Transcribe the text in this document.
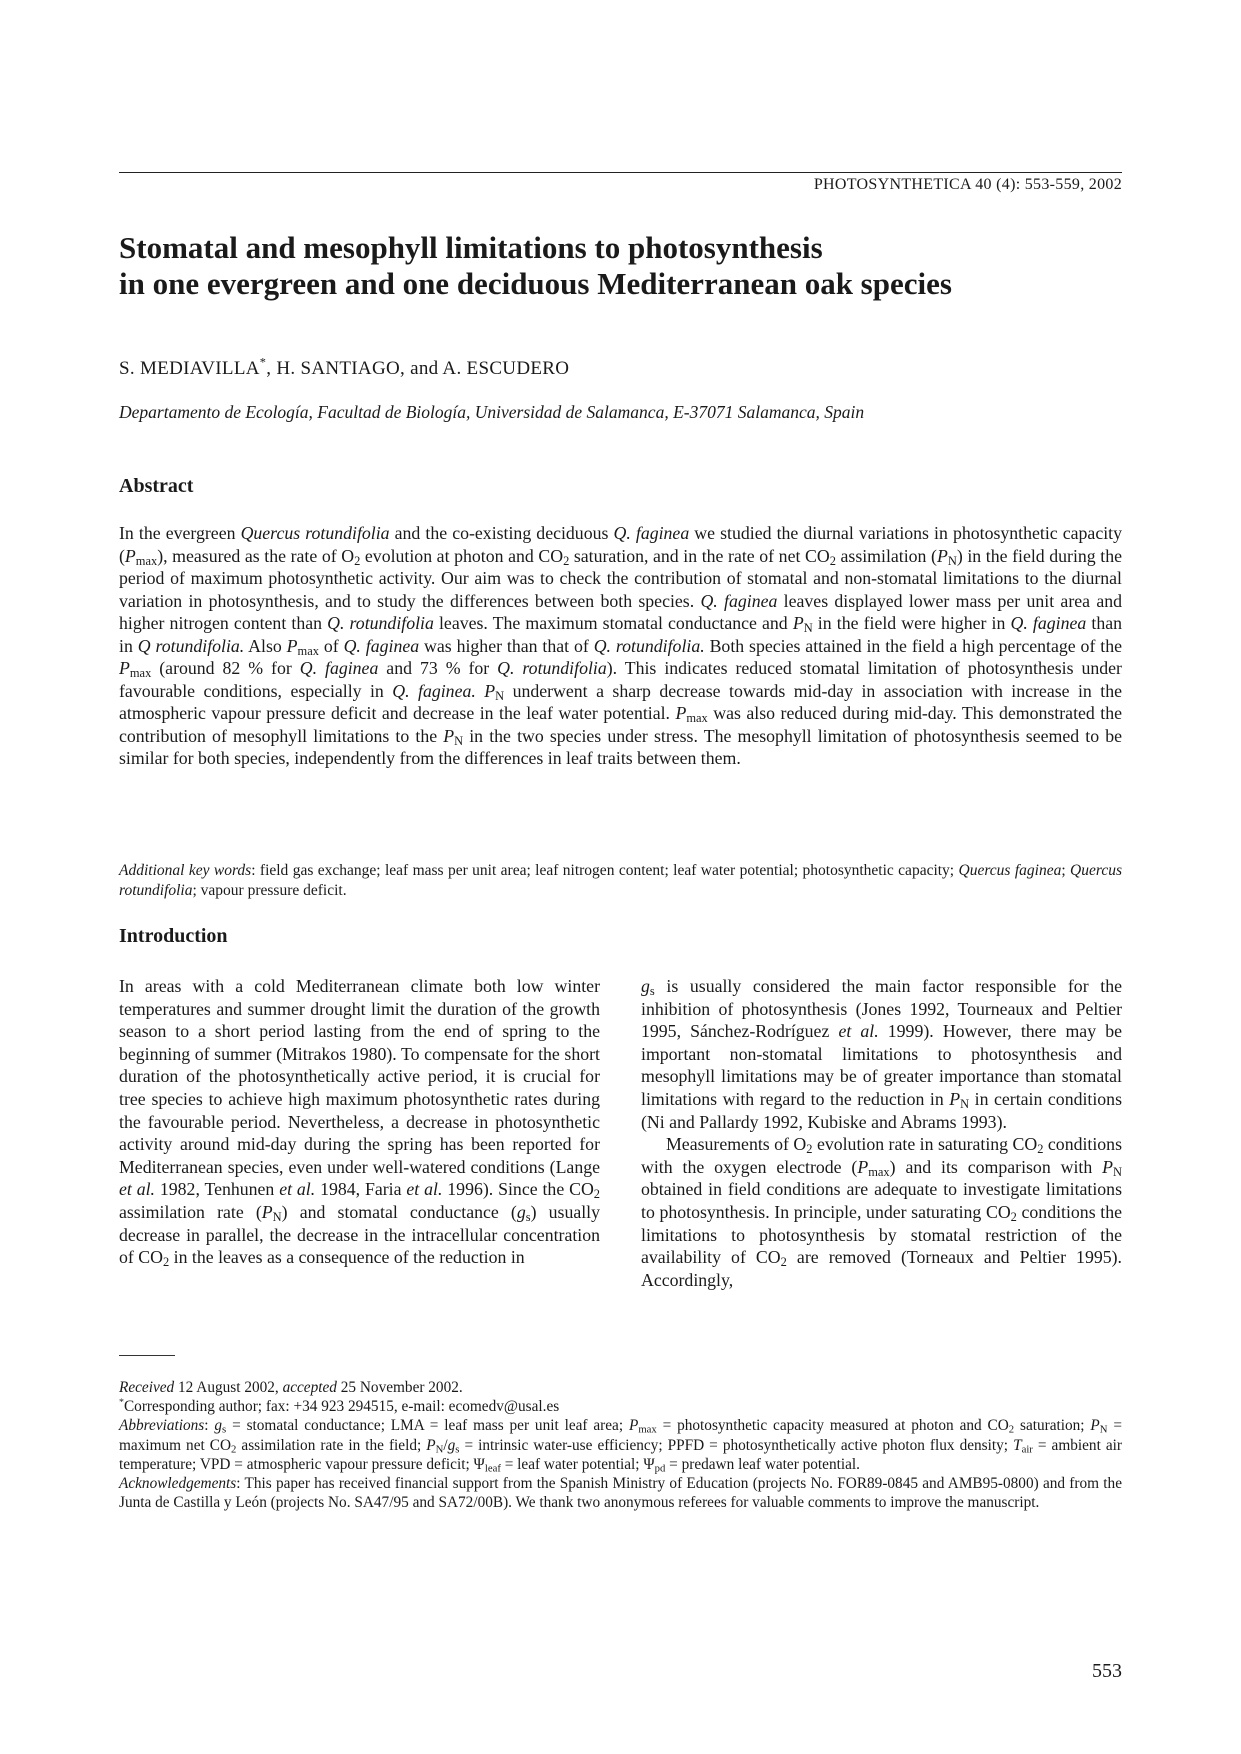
PHOTOSYNTHETICA 40 (4): 553-559, 2002
Stomatal and mesophyll limitations to photosynthesis
in one evergreen and one deciduous Mediterranean oak species
S. MEDIAVILLA*, H. SANTIAGO, and A. ESCUDERO
Departamento de Ecología, Facultad de Biología, Universidad de Salamanca, E-37071 Salamanca, Spain
Abstract

In the evergreen Quercus rotundifolia and the co-existing deciduous Q. faginea we studied the diurnal variations in photosynthetic capacity $(P_{max})$, measured as the rate of $O_2$ evolution at photon and $CO_2$ saturation, and in the rate of net $CO_2$ assimilation $(P_N)$ in the field during the period of maximum photosynthetic activity. Our aim was to check the contribution of stomatal and non-stomatal limitations to the diurnal variation in photosynthesis, and to study the differences between both species. Q. faginea leaves displayed lower mass per unit area and higher nitrogen content than Q. rotundifolia leaves. The maximum stomatal conductance and $P_N$ in the field were higher in Q. faginea than in Q rotundifolia. Also $P_{max}$ of Q. faginea was higher than that of Q. rotundifolia. Both species attained in the field a high percentage of the $P_{max}$ (around 82 % for Q. faginea and 73 % for Q. rotundifolia). This indicates reduced stomatal limitation of photosynthesis under favourable conditions, especially in Q. faginea. $P_N$ underwent a sharp decrease towards mid-day in association with increase in the atmospheric vapour pressure deficit and decrease in the leaf water potential. $P_{max}$ was also reduced during mid-day. This demonstrated the contribution of mesophyll limitations to the $P_N$ in the two species under stress. The mesophyll limitation of photosynthesis seemed to be similar for both species, independently from the differences in leaf traits between them.

Additional key words: field gas exchange; leaf mass per unit area; leaf nitrogen content; leaf water potential; photosynthetic capacity; Quercus faginea; Quercus rotundifolia; vapour pressure deficit.

Introduction

In areas with a cold Mediterranean climate both low winter temperatures and summer drought limit the duration of the growth season to a short period lasting from the end of spring to the beginning of summer (Mitrakos 1980). To compensate for the short duration of the photosynthetically active period, it is crucial for tree species to achieve high maximum photosynthetic rates during the favourable period. Nevertheless, a decrease in photosynthetic activity around mid-day during the spring has been reported for Mediterranean species, even under well-watered conditions (Lange et al. 1982, Tenhunen et al. 1984, Faria et al. 1996). Since the $CO_2$ assimilation rate $(P_N)$ and stomatal conductance $(g_s)$ usually decrease in parallel, the decrease in the intracellular concentration of $CO_2$ in the leaves as a consequence of the reduction in

$g_s$ is usually considered the main factor responsible for the inhibition of photosynthesis (Jones 1992, Tourneaux and Peltier 1995, Sánchez-Rodríguez et al. 1999). However, there may be important non-stomatal limitations to photosynthesis and mesophyll limitations may be of greater importance than stomatal limitations with regard to the reduction in $P_N$ in certain conditions (Ni and Pallardy 1992, Kubiske and Abrams 1993).

Measurements of $O_2$ evolution rate in saturating $CO_2$ conditions with the oxygen electrode $(P_{max})$ and its comparison with $P_N$ obtained in field conditions are adequate to investigate limitations to photosynthesis. In principle, under saturating $CO_2$ conditions the limitations to photosynthesis by stomatal restriction of the availability of $CO_2$ are removed (Torneaux and Peltier 1995). Accordingly,

Received 12 August 2002, accepted 25 November 2002.

*Corresponding author; fax: +34 923 294515, e-mail: ecomedv@usal.es

Abbreviations: $g_s$ = stomatal conductance; LMA = leaf mass per unit leaf area; $P_{max}$ = photosynthetic capacity measured at photon and $CO_2$ saturation; $P_N$ = maximum net $CO_2$ assimilation rate in the field; $P_N/g_s$ = intrinsic water-use efficiency; PPFD = photosynthetically active photon flux density; $T_{air}$ = ambient air temperature; VPD = atmospheric vapour pressure deficit; $\Psi_{leaf}$ = leaf water potential; $\Psi_{pd}$ = predawn leaf water potential.

Acknowledgements: This paper has received financial support from the Spanish Ministry of Education (projects No. FOR89-0845 and AMB95-0800) and from the Junta de Castilla y León (projects No. SA47/95 and SA72/00B). We thank two anonymous referees for valuable comments to improve the manuscript.

553
